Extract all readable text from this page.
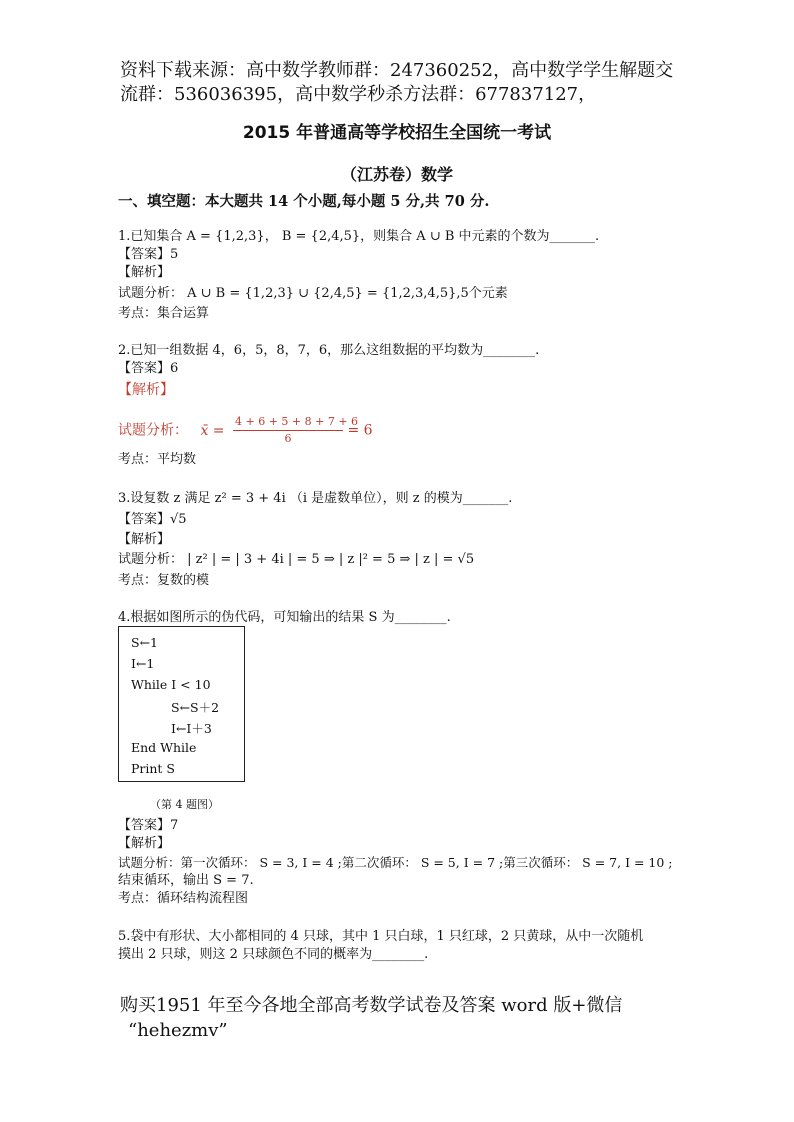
资料下载来源：高中数学教师群：247360252，高中数学学生解题交
流群：536036395，高中数学秒杀方法群：677837127，
2015 年普通高等学校招生全国统一考试
（江苏卷）数学
一、填空题：本大题共 14 个小题,每小题 5 分,共 70 分.
1.已知集合 A = {1,2,3}， B = {2,4,5}，则集合 A ∪ B 中元素的个数为_______.
【答案】5
【解析】
试题分析： A ∪ B = {1,2,3} ∪ {2,4,5} = {1,2,3,4,5},5个元素
考点：集合运算
2.已知一组数据 4，6，5，8，7，6，那么这组数据的平均数为________.
【答案】6
【解析】
试题分析： x̄ = $\frac{4 + 6 + 5 + 8 + 7 + 6}{6} = 6$
考点：平均数
3.设复数 z 满足 z² = 3 + 4i （i 是虚数单位），则 z 的模为_______.
【答案】√5
【解析】
试题分析： | z² | = | 3 + 4i | = 5 ⇒ | z |² = 5 ⇒ | z | = √5
考点：复数的模
4.根据如图所示的伪代码，可知输出的结果 S 为________.
S←1
I←1
While I < 10
S←S＋2
I←I＋3
End While
Print S
（第 4 题图）
【答案】7
【解析】
试题分析：第一次循环： S = 3, I = 4 ;第二次循环： S = 5, I = 7 ;第三次循环： S = 7, I = 10 ;
结束循环，输出 S = 7.
考点：循环结构流程图
5.袋中有形状、大小都相同的 4 只球，其中 1 只白球，1 只红球，2 只黄球，从中一次随机
摸出 2 只球，则这 2 只球颜色不同的概率为________.
购买1951 年至今各地全部高考数学试卷及答案 word 版+微信
“hehezmv”
